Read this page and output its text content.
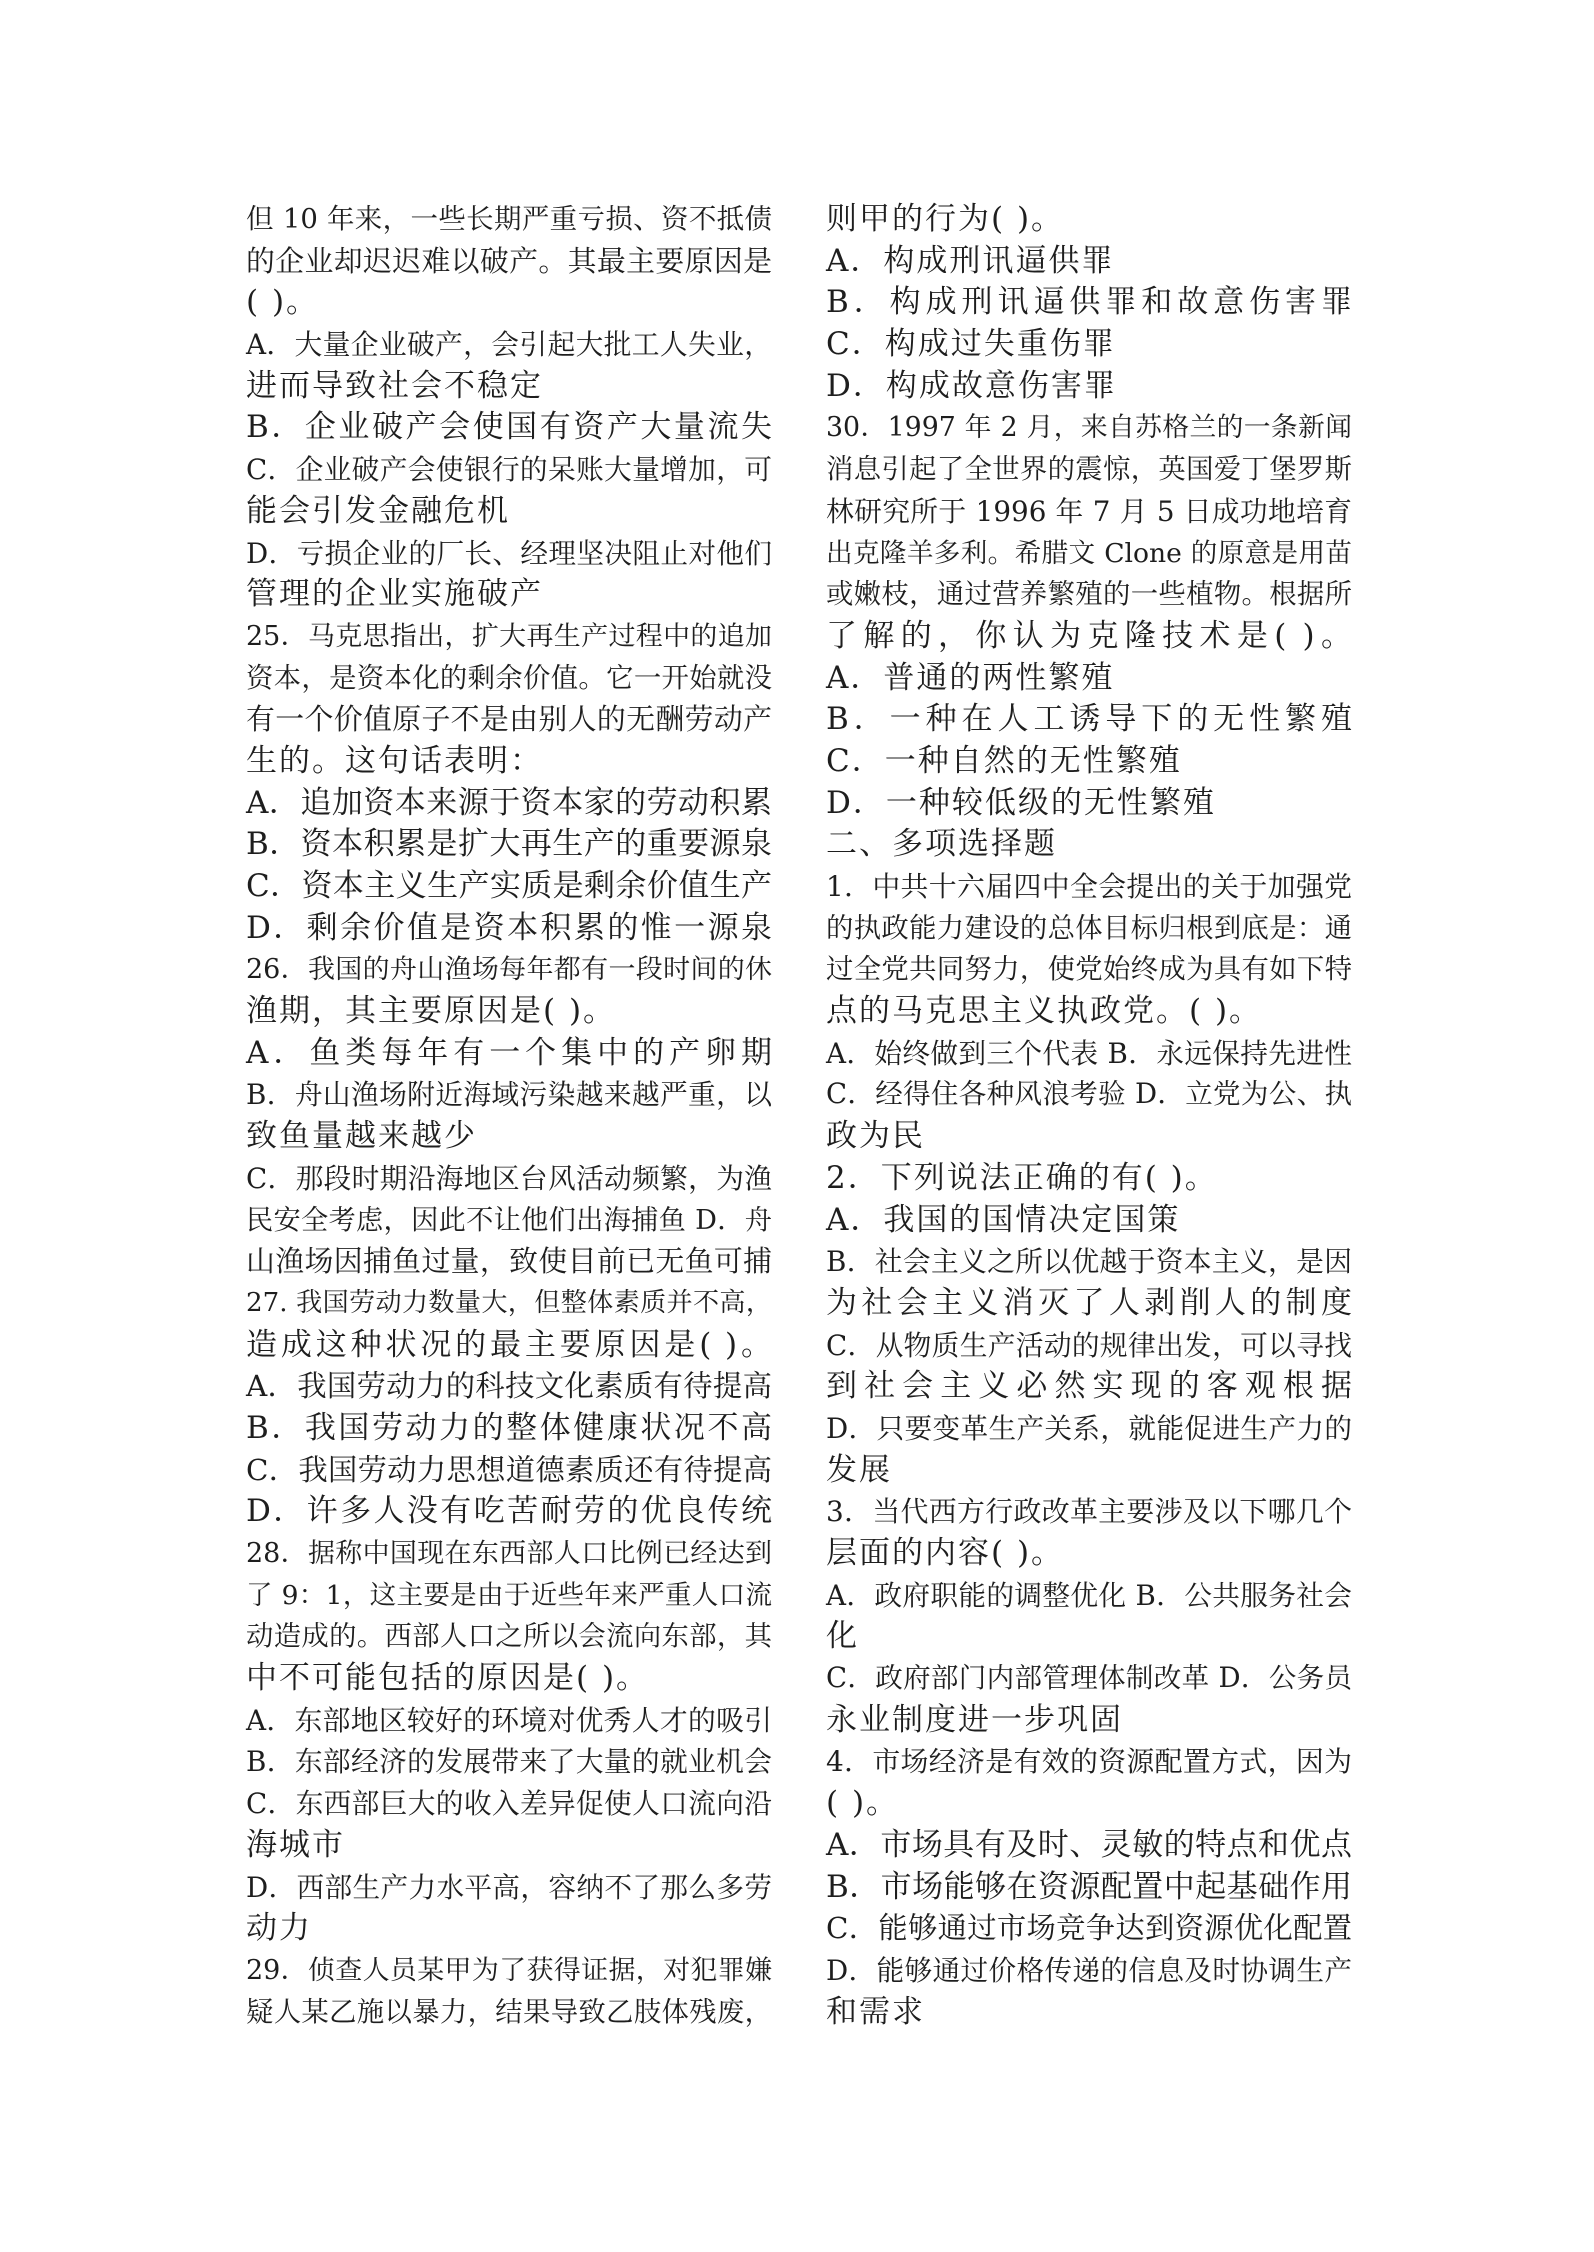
但 10 年来，一些长期严重亏损、资不抵债
的企业却迟迟难以破产。其最主要原因是
( )。
A．大量企业破产，会引起大批工人失业，
进而导致社会不稳定
B．企业破产会使国有资产大量流失
C．企业破产会使银行的呆账大量增加，可
能会引发金融危机
D．亏损企业的厂长、经理坚决阻止对他们
管理的企业实施破产
25．马克思指出，扩大再生产过程中的追加
资本，是资本化的剩余价值。它一开始就没
有一个价值原子不是由别人的无酬劳动产
生的。这句话表明：
A．追加资本来源于资本家的劳动积累
B．资本积累是扩大再生产的重要源泉
C．资本主义生产实质是剩余价值生产
D．剩余价值是资本积累的惟一源泉
26．我国的舟山渔场每年都有一段时间的休
渔期，其主要原因是( )。
A．鱼类每年有一个集中的产卵期
B．舟山渔场附近海域污染越来越严重，以
致鱼量越来越少
C．那段时期沿海地区台风活动频繁，为渔
民安全考虑，因此不让他们出海捕鱼 D．舟
山渔场因捕鱼过量，致使目前已无鱼可捕
27. 我国劳动力数量大，但整体素质并不高，
造成这种状况的最主要原因是( )。
A．我国劳动力的科技文化素质有待提高
B．我国劳动力的整体健康状况不高
C．我国劳动力思想道德素质还有待提高
D．许多人没有吃苦耐劳的优良传统
28．据称中国现在东西部人口比例已经达到
了 9：1，这主要是由于近些年来严重人口流
动造成的。西部人口之所以会流向东部，其
中不可能包括的原因是( )。
A．东部地区较好的环境对优秀人才的吸引
B．东部经济的发展带来了大量的就业机会
C．东西部巨大的收入差异促使人口流向沿
海城市
D．西部生产力水平高，容纳不了那么多劳
动力
29．侦查人员某甲为了获得证据，对犯罪嫌
疑人某乙施以暴力，结果导致乙肢体残废，
则甲的行为( )。
A．构成刑讯逼供罪
B．构成刑讯逼供罪和故意伤害罪
C．构成过失重伤罪
D．构成故意伤害罪
30．1997 年 2 月，来自苏格兰的一条新闻
消息引起了全世界的震惊，英国爱丁堡罗斯
林研究所于 1996 年 7 月 5 日成功地培育
出克隆羊多利。希腊文 Clone 的原意是用苗
或嫩枝，通过营养繁殖的一些植物。根据所
了解的，你认为克隆技术是( )。
A．普通的两性繁殖
B．一种在人工诱导下的无性繁殖
C．一种自然的无性繁殖
D．一种较低级的无性繁殖
二、多项选择题
1．中共十六届四中全会提出的关于加强党
的执政能力建设的总体目标归根到底是：通
过全党共同努力，使党始终成为具有如下特
点的马克思主义执政党。( )。
A．始终做到三个代表 B．永远保持先进性
C．经得住各种风浪考验 D．立党为公、执
政为民
2．下列说法正确的有( )。
A．我国的国情决定国策
B．社会主义之所以优越于资本主义，是因
为社会主义消灭了人剥削人的制度
C．从物质生产活动的规律出发，可以寻找
到社会主义必然实现的客观根据
D．只要变革生产关系，就能促进生产力的
发展
3．当代西方行政改革主要涉及以下哪几个
层面的内容( )。
A．政府职能的调整优化 B．公共服务社会
化
C．政府部门内部管理体制改革 D．公务员
永业制度进一步巩固
4．市场经济是有效的资源配置方式，因为
( )。
A．市场具有及时、灵敏的特点和优点
B．市场能够在资源配置中起基础作用
C．能够通过市场竞争达到资源优化配置
D．能够通过价格传递的信息及时协调生产
和需求
